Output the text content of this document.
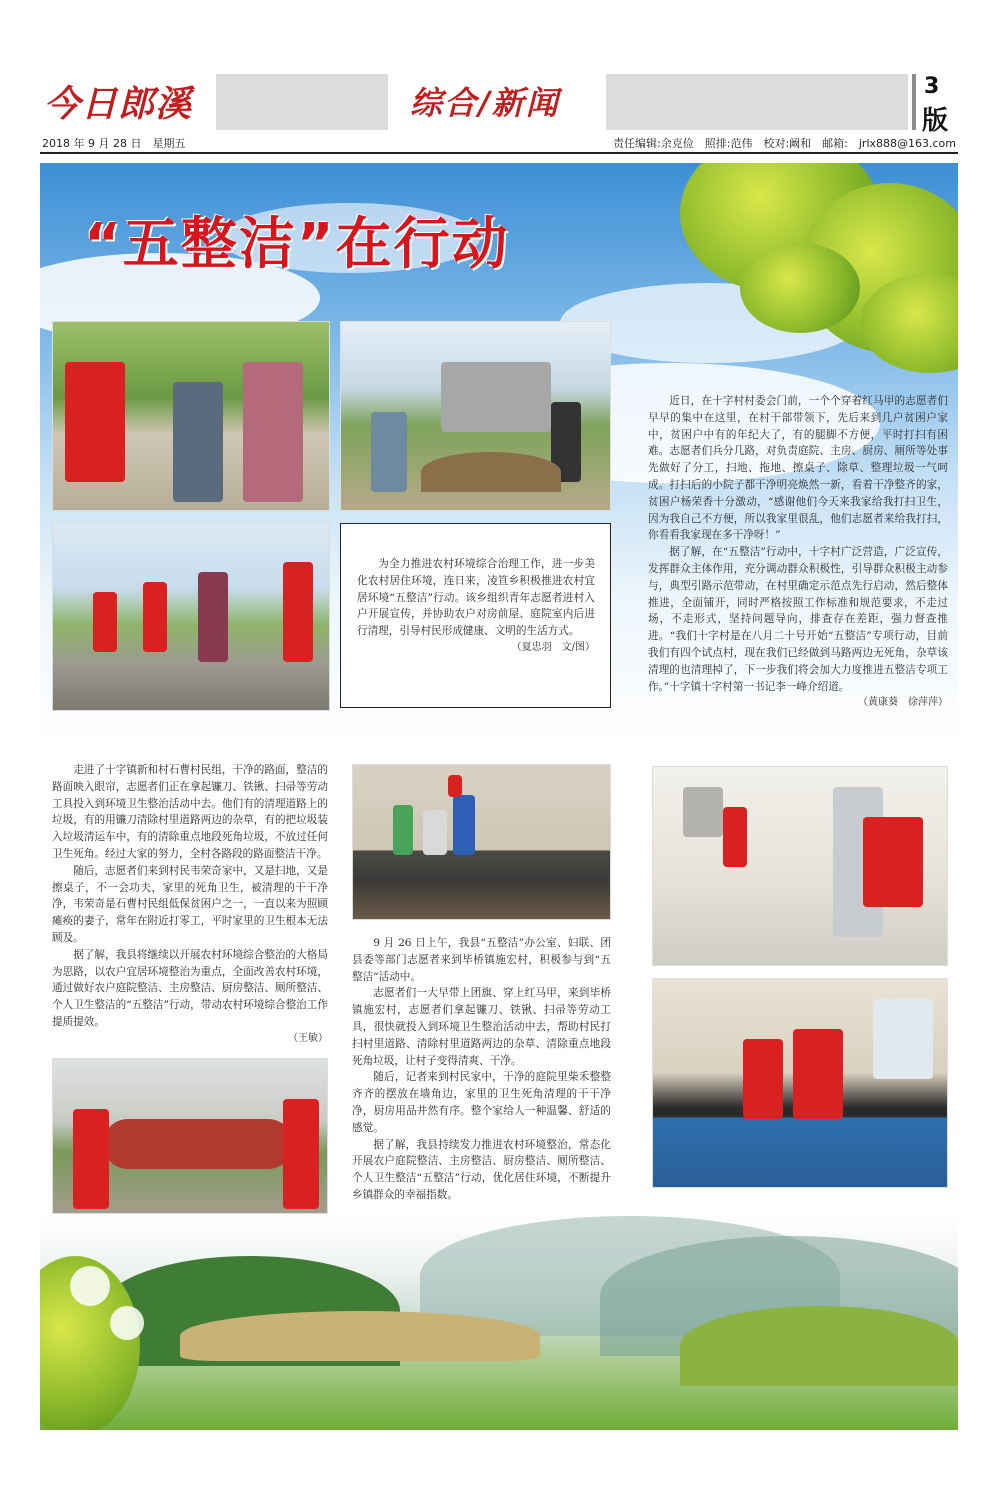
今日郎溪	综合/新闻	3
版
2018 年 9 月 28 日　星期五	责任编辑:余克俭　照排:范伟　校对:阚和　邮箱:　jrlx888@163.com
“五整洁”在行动

为全力推进农村环境综合治理工作，进一步美化农村居住环境，连日来，凌笪乡积极推进农村宜居环境“五整洁”行动。该乡组织青年志愿者进村入户开展宣传，并协助农户对房前屋、庭院室内后进行清理，引导村民形成健康、文明的生活方式。

（夏忠羽　文/图）

近日，在十字村村委会门前，一个个穿着红马甲的志愿者们早早的集中在这里，在村干部带领下，先后来到几户贫困户家中，贫困户中有的年纪大了，有的腿脚不方便，平时打扫有困难。志愿者们兵分几路，对负责庭院、主房、厨房、厕所等处事先做好了分工，扫地、拖地、擦桌子、除草、整理垃圾一气呵成。打扫后的小院子都干净明亮焕然一新，看着干净整齐的家，贫困户杨荣香十分激动，“感谢他们今天来我家给我打扫卫生，因为我自己不方便，所以我家里很乱，他们志愿者来给我打扫，你看看我家现在多干净呀！”

据了解，在“五整洁”行动中，十字村广泛营造，广泛宣传，发挥群众主体作用，充分调动群众积极性，引导群众积极主动参与，典型引路示范带动，在村里确定示范点先行启动，然后整体推进，全面铺开，同时严格按照工作标准和规范要求，不走过场，不走形式，坚持问题导向，排查存在差距，强力督查推进。“我们十字村是在八月二十号开始“五整洁”专项行动，目前我们有四个试点村，现在我们已经做到马路两边无死角，杂草该清理的也清理掉了，下一步我们将会加大力度推进五整洁专项工作。”十字镇十字村第一书记李一峰介绍道。

（黄康葵　徐萍萍）

走进了十字镇新和村石曹村民组，干净的路面，整洁的路面映入眼帘，志愿者们正在拿起镰刀、铁锹、扫帚等劳动工具投入到环境卫生整治活动中去。他们有的清理道路上的垃圾，有的用镰刀清除村里道路两边的杂草，有的把垃圾装入垃圾清运车中，有的清除重点地段死角垃圾，不放过任何卫生死角。经过大家的努力，全村各路段的路面整洁干净。

随后，志愿者们来到村民韦荣奇家中，又是扫地，又是擦桌子，不一会功夫，家里的死角卫生，被清理的干干净净，韦荣奇是石曹村民组低保贫困户之一，一直以来为照顾瘫痪的妻子，常年在附近打零工，平时家里的卫生根本无法顾及。

据了解，我县将继续以开展农村环境综合整治的大格局为思路，以农户宜居环境整治为重点，全面改善农村环境，通过做好农户庭院整洁、主房整洁、厨房整洁、厕所整洁、个人卫生整洁的“五整洁”行动，带动农村环境综合整治工作提质提效。

（王敏）

9 月 26 日上午，我县“五整洁”办公室、妇联、团县委等部门志愿者来到毕桥镇施宏村，积极参与到“五整洁”活动中。

志愿者们一大早带上团旗、穿上红马甲，来到毕桥镇施宏村，志愿者们拿起镰刀、铁锹、扫帚等劳动工具，很快就投入到环境卫生整治活动中去，帮助村民打扫村里道路、清除村里道路两边的杂草、清除重点地段死角垃圾，让村子变得清爽、干净。

随后，记者来到村民家中，干净的庭院里柴禾整整齐齐的摆放在墙角边，家里的卫生死角清理的干干净净，厨房用品井然有序。整个家给人一种温馨、舒适的感觉。

据了解，我县持续发力推进农村环境整治，常态化开展农户庭院整洁、主房整洁、厨房整洁、厕所整洁、个人卫生整洁“五整洁”行动，优化居住环境，不断提升乡镇群众的幸福指数。
